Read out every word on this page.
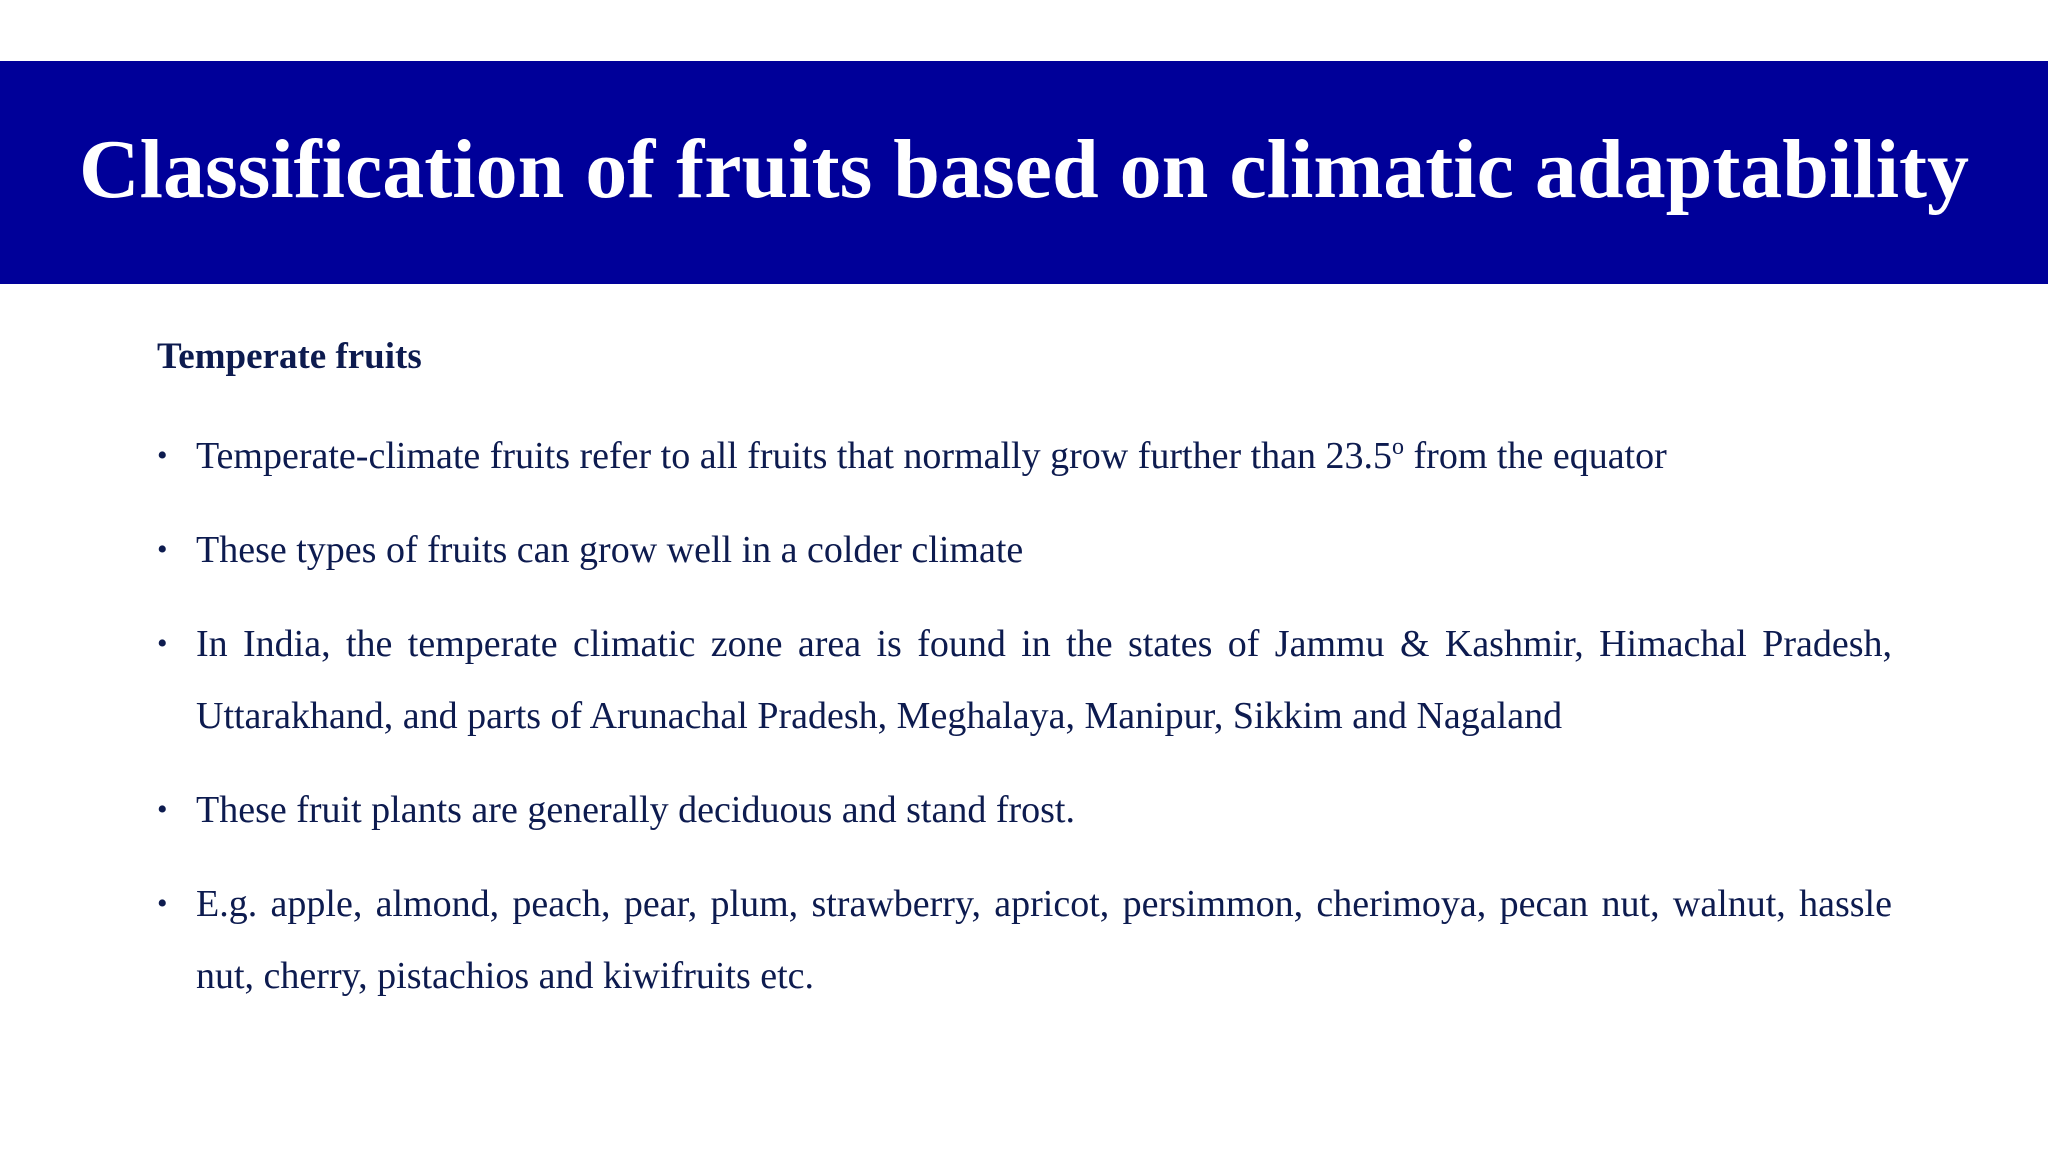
Classification of fruits based on climatic adaptability
Temperate fruits
• Temperate-climate fruits refer to all fruits that normally grow further than 23.5$^o$ from the equator
• These types of fruits can grow well in a colder climate
• In India, the temperate climatic zone area is found in the states of Jammu & Kashmir, Himachal Pradesh, Uttarakhand, and parts of Arunachal Pradesh, Meghalaya, Manipur, Sikkim and Nagaland
• These fruit plants are generally deciduous and stand frost.
• E.g. apple, almond, peach, pear, plum, strawberry, apricot, persimmon, cherimoya, pecan nut, walnut, hassle nut, cherry, pistachios and kiwifruits etc.
